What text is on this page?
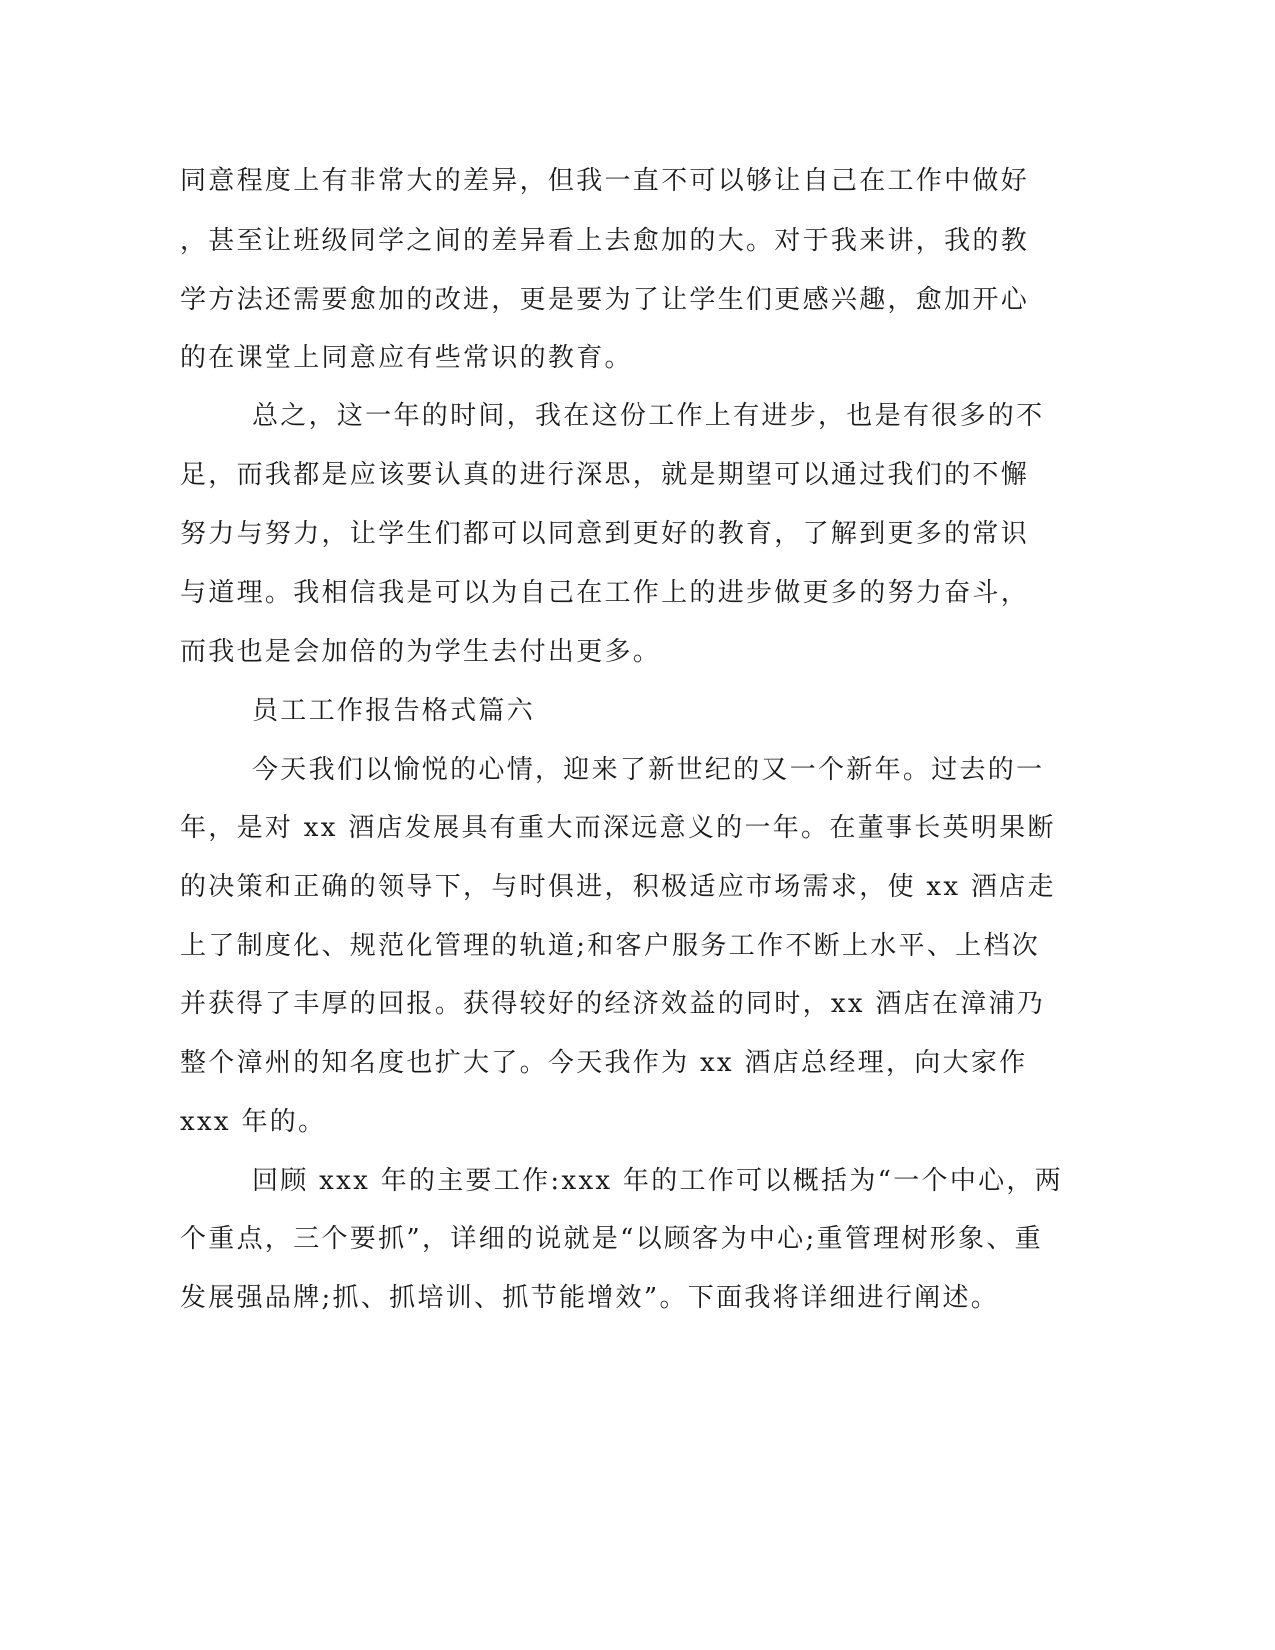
同意程度上有非常大的差异，但我一直不可以够让自己在工作中做好
，甚至让班级同学之间的差异看上去愈加的大。对于我来讲，我的教
学方法还需要愈加的改进，更是要为了让学生们更感兴趣，愈加开心
的在课堂上同意应有些常识的教育。
总之，这一年的时间，我在这份工作上有进步，也是有很多的不
足，而我都是应该要认真的进行深思，就是期望可以通过我们的不懈
努力与努力，让学生们都可以同意到更好的教育，了解到更多的常识
与道理。我相信我是可以为自己在工作上的进步做更多的努力奋斗，
而我也是会加倍的为学生去付出更多。
员工工作报告格式篇六
今天我们以愉悦的心情，迎来了新世纪的又一个新年。过去的一
年，是对 xx 酒店发展具有重大而深远意义的一年。在董事长英明果断
的决策和正确的领导下，与时俱进，积极适应市场需求，使 xx 酒店走
上了制度化、规范化管理的轨道;和客户服务工作不断上水平、上档次
并获得了丰厚的回报。获得较好的经济效益的同时，xx 酒店在漳浦乃
整个漳州的知名度也扩大了。今天我作为 xx 酒店总经理，向大家作
xxx 年的。
回顾 xxx 年的主要工作:xxx 年的工作可以概括为“一个中心，两
个重点，三个要抓”，详细的说就是“以顾客为中心;重管理树形象、重
发展强品牌;抓、抓培训、抓节能增效”。下面我将详细进行阐述。
